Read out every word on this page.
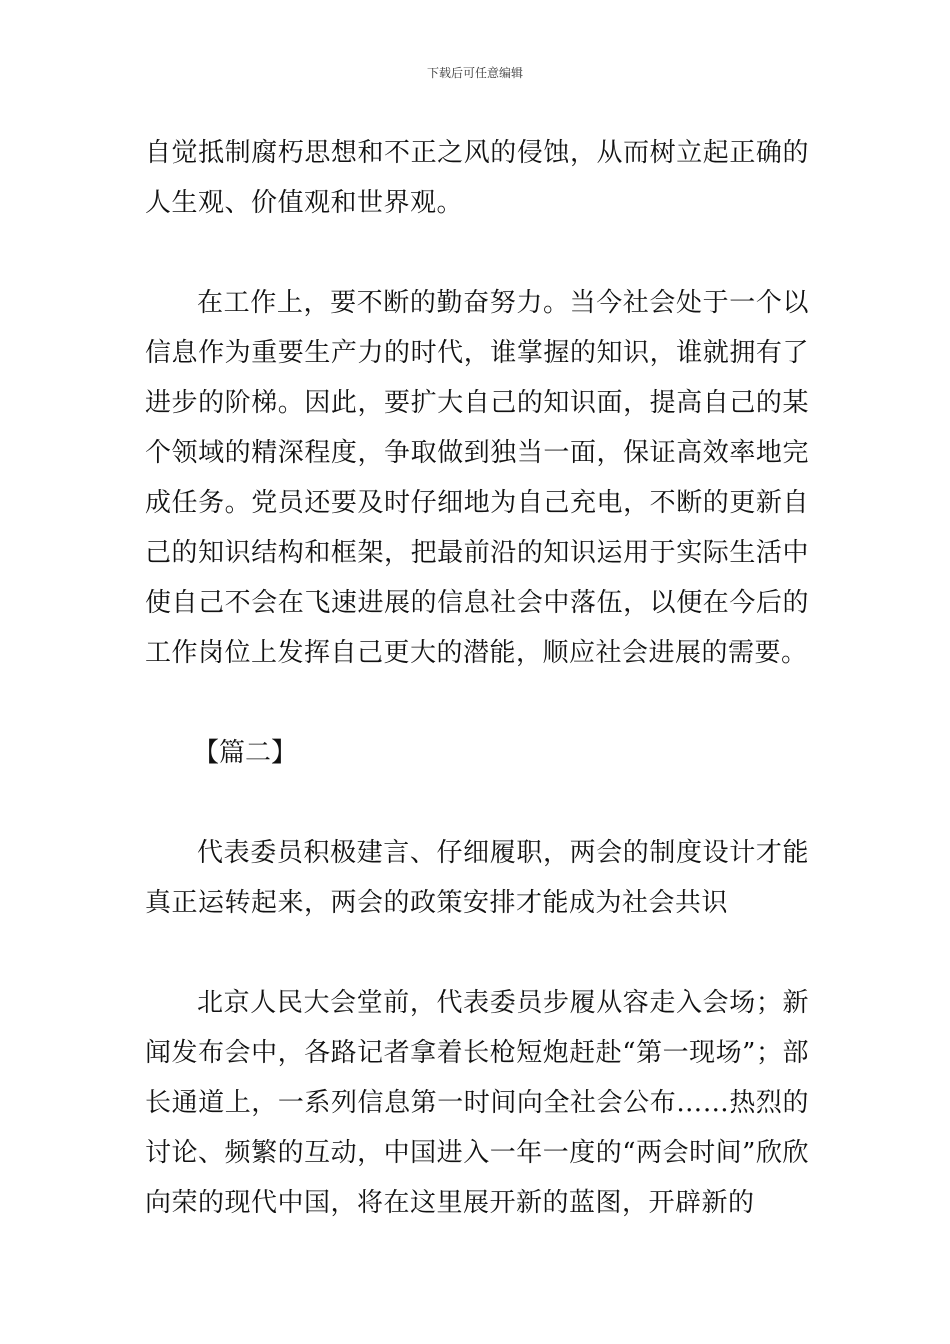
下载后可任意编辑

自觉抵制腐朽思想和不正之风的侵蚀，从而树立起正确的人生观、价值观和世界观。

在工作上，要不断的勤奋努力。当今社会处于一个以信息作为重要生产力的时代，谁掌握的知识，谁就拥有了进步的阶梯。因此，要扩大自己的知识面，提高自己的某个领域的精深程度，争取做到独当一面，保证高效率地完成任务。党员还要及时仔细地为自己充电，不断的更新自己的知识结构和框架，把最前沿的知识运用于实际生活中使自己不会在飞速进展的信息社会中落伍，以便在今后的工作岗位上发挥自己更大的潜能，顺应社会进展的需要。

【篇二】

代表委员积极建言、仔细履职，两会的制度设计才能真正运转起来，两会的政策安排才能成为社会共识

北京人民大会堂前，代表委员步履从容走入会场；新闻发布会中，各路记者拿着长枪短炮赶赴“第一现场”；部长通道上，一系列信息第一时间向全社会公布……热烈的讨论、频繁的互动，中国进入一年一度的“两会时间”欣欣向荣的现代中国，将在这里展开新的蓝图，开辟新的
